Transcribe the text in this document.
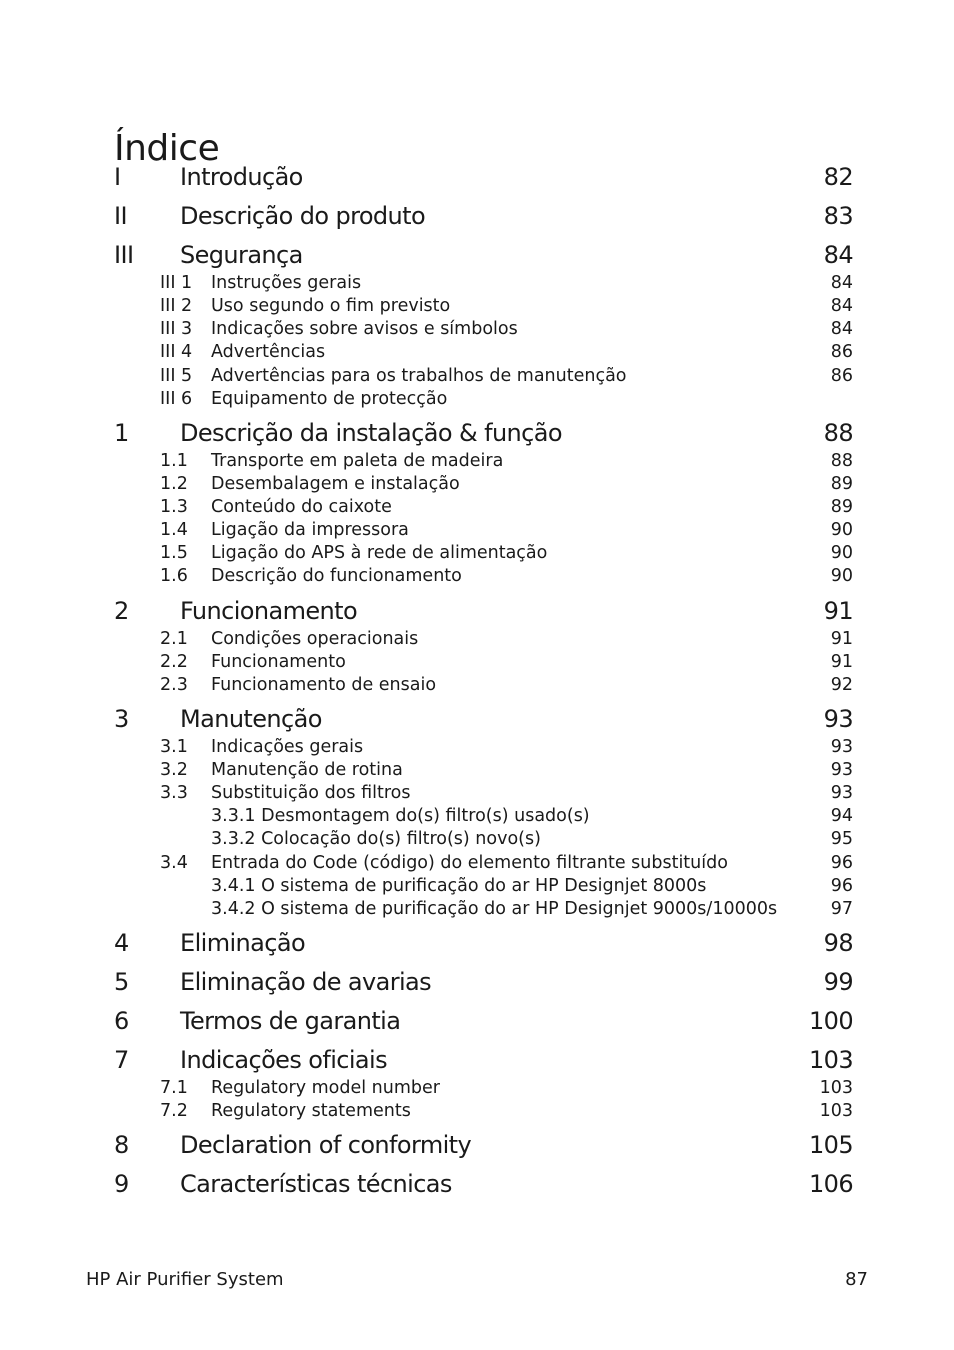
Índice
I Introdução	82
II Descrição do produto	83
III Segurança	84
III 1 Instruções gerais	84
III 2 Uso segundo o fim previsto	84
III 3 Indicações sobre avisos e símbolos	84
III 4 Advertências	86
III 5 Advertências para os trabalhos de manutenção	86
III 6 Equipamento de protecção
1 Descrição da instalação & função	88
1.1 Transporte em paleta de madeira	88
1.2 Desembalagem e instalação	89
1.3 Conteúdo do caixote	89
1.4 Ligação da impressora	90
1.5 Ligação do APS à rede de alimentação	90
1.6 Descrição do funcionamento	90
2 Funcionamento	91
2.1 Condições operacionais	91
2.2 Funcionamento	91
2.3 Funcionamento de ensaio	92
3 Manutenção	93
3.1 Indicações gerais	93
3.2 Manutenção de rotina	93
3.3 Substituição dos filtros	93
3.3.1 Desmontagem do(s) filtro(s) usado(s)	94
3.3.2 Colocação do(s) filtro(s) novo(s)	95
3.4 Entrada do Code (código) do elemento filtrante substituído	96
3.4.1 O sistema de purificação do ar HP Designjet 8000s	96
3.4.2 O sistema de purificação do ar HP Designjet 9000s/10000s	97
4 Eliminação	98
5 Eliminação de avarias	99
6 Termos de garantia	100
7 Indicações oficiais	103
7.1 Regulatory model number	103
7.2 Regulatory statements	103
8 Declaration of conformity	105
9 Características técnicas	106
HP Air Purifier System	87
